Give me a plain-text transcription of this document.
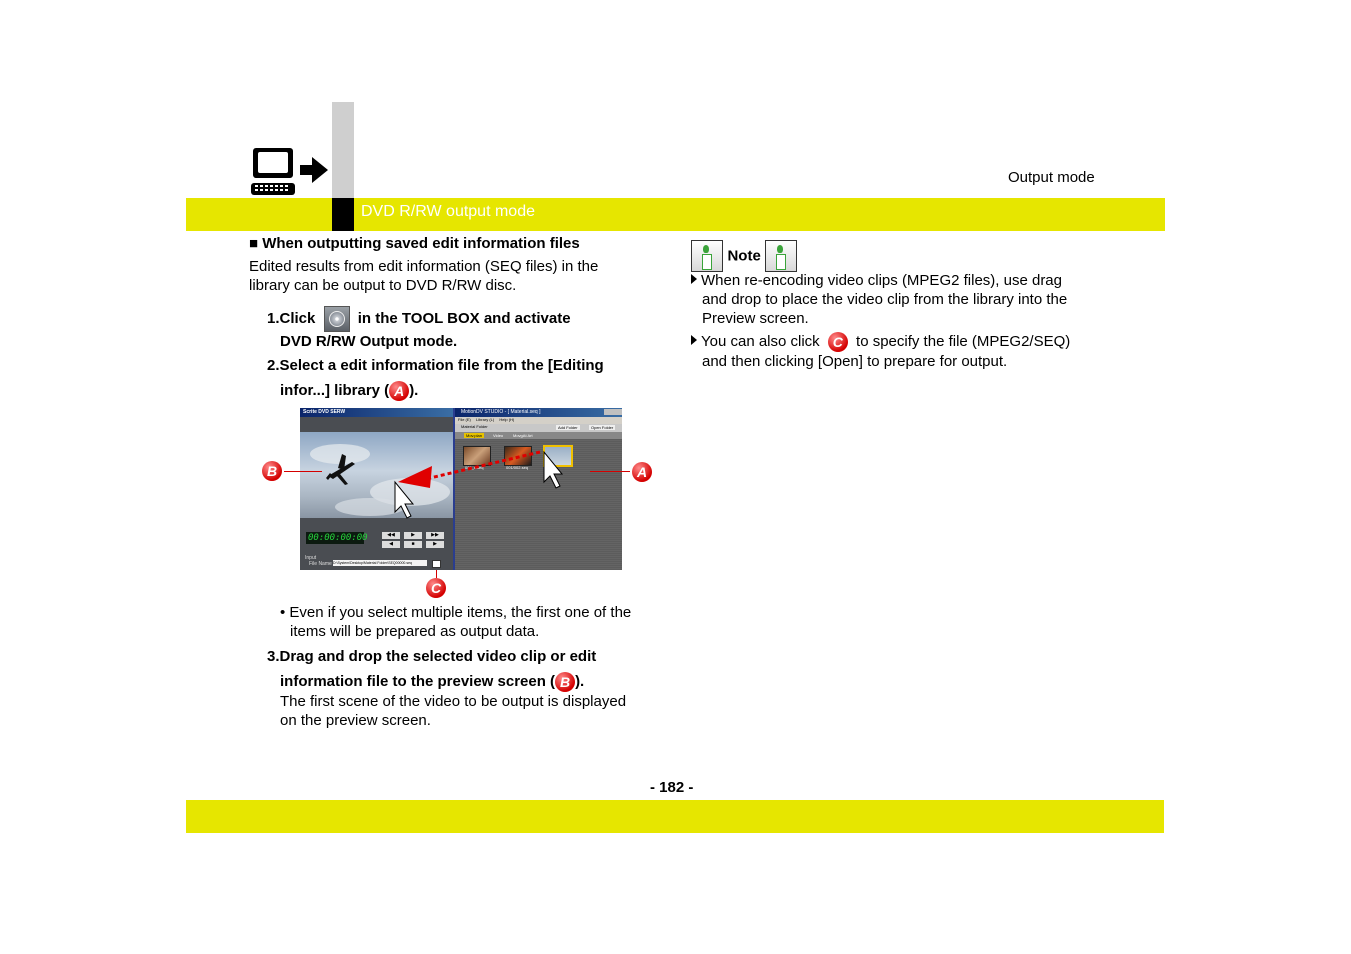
DVD R/RW output mode
Output mode
■ When outputting saved edit information files
Edited results from edit information (SEQ files) in the
library can be output to DVD R/RW disc.
1.Click	in the TOOL BOX and activate
DVD R/RW Output mode.
2.Select a edit information file from the [Editing
infor...] library ( A ).
Scrite DVD SERW
00:00:00:00	◀◀	▶	▶▶
◀	■	▶
Input
File Name
MotionDV STUDIO - [ Material.seq ]
File (E) Library (L) Help (H)
Material Folder	Add Folder	Open Folder
Mov.plan	Video MovgAt Art
000_s.seq	001/002.seq
D:\System\Desktop\Material Folder\SEQ00000.seq
B	A
C
• Even if you select multiple items, the first one of the
items will be prepared as output data.
3.Drag and drop the selected video clip or edit
information file to the preview screen ( B ).
The first scene of the video to be output is displayed
on the preview screen.
Note
When re-encoding video clips (MPEG2 files), use drag
and drop to place the video clip from the library into the
Preview screen.
You can also click C to specify the file (MPEG2/SEQ)
and then clicking [Open] to prepare for output.
- 182 -
